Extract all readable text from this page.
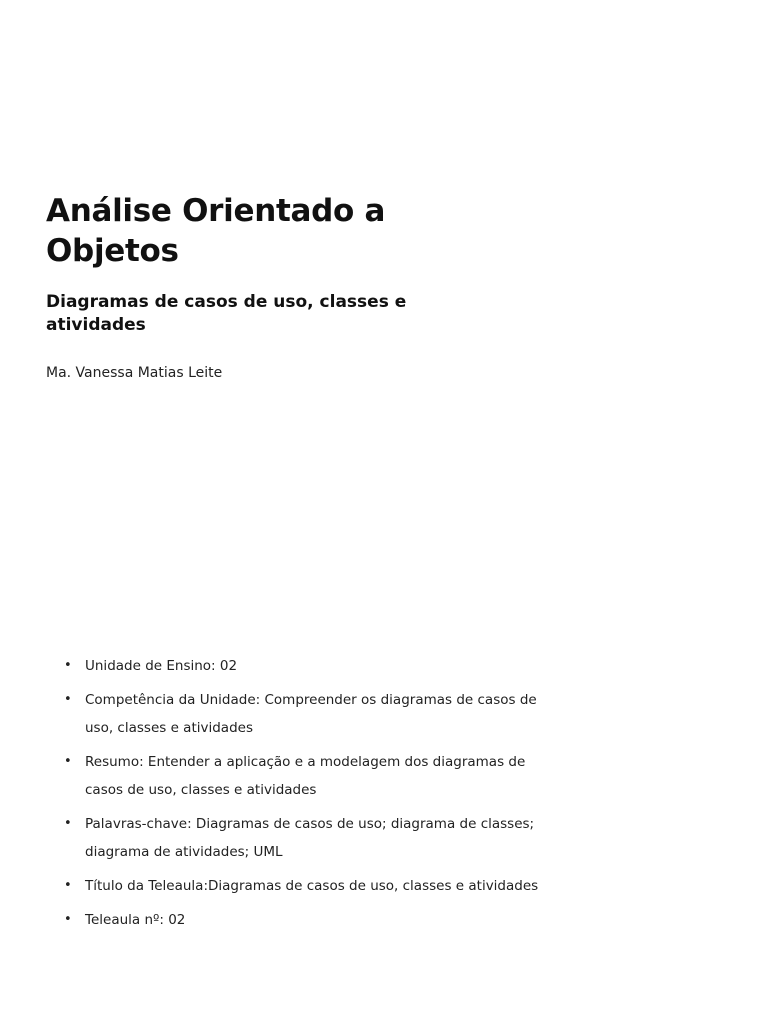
Análise Orientado a Objetos
Diagramas de casos de uso, classes e atividades

Ma. Vanessa Matias Leite

• Unidade de Ensino: 02
• Competência da Unidade: Compreender os diagramas de casos de uso, classes e atividades
• Resumo: Entender a aplicação e a modelagem dos diagramas de casos de uso, classes e atividades
• Palavras-chave: Diagramas de casos de uso; diagrama de classes; diagrama de atividades; UML
• Título da Teleaula:Diagramas de casos de uso, classes e atividades
• Teleaula nº: 02
